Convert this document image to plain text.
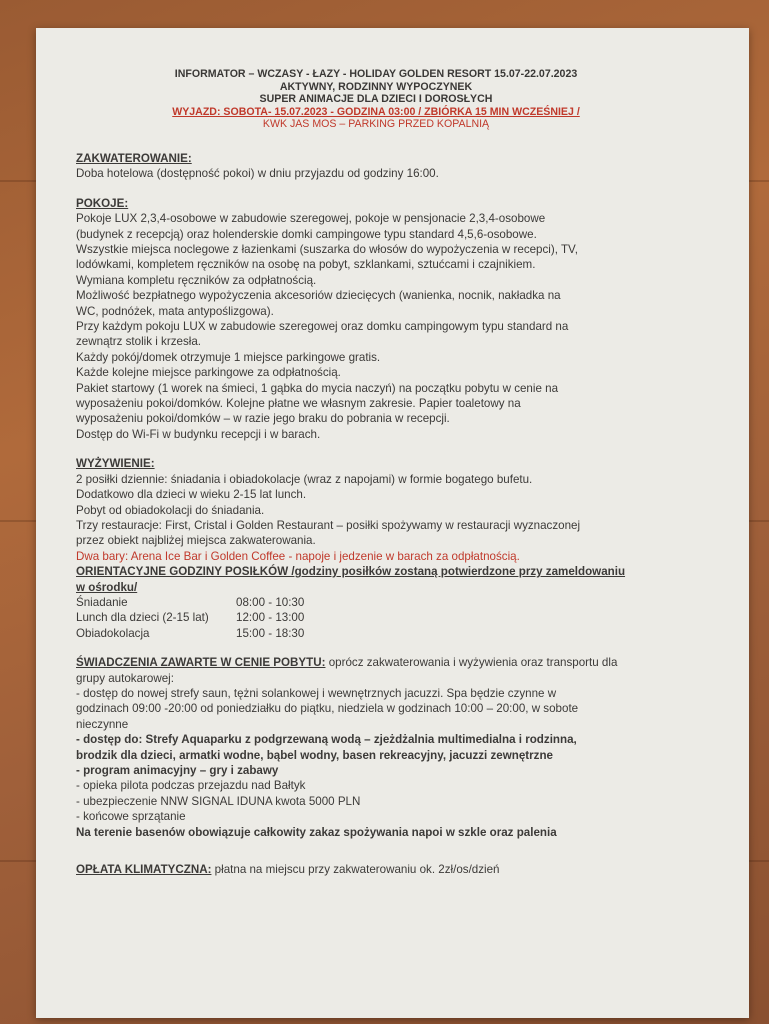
INFORMATOR – WCZASY - ŁAZY - HOLIDAY GOLDEN RESORT 15.07-22.07.2023
AKTYWNY, RODZINNY WYPOCZYNEK
SUPER ANIMACJE DLA DZIECI I DOROSŁYCH
WYJAZD: SOBOTA- 15.07.2023 - GODZINA 03:00 / ZBIÓRKA 15 MIN WCZEŚNIEJ /
KWK JAS MOS – PARKING PRZED KOPALNIĄ
ZAKWATEROWANIE:
Doba hotelowa (dostępność pokoi) w dniu przyjazdu od godziny 16:00.
POKOJE:
Pokoje LUX 2,3,4-osobowe w zabudowie szeregowej, pokoje w pensjonacie 2,3,4-osobowe
(budynek z recepcją) oraz holenderskie domki campingowe typu standard 4,5,6-osobowe.
Wszystkie miejsca noclegowe z łazienkami (suszarka do włosów do wypożyczenia w recepci), TV,
lodówkami, kompletem ręczników na osobę na pobyt, szklankami, sztućcami i czajnikiem.
Wymiana kompletu ręczników za odpłatnością.
Możliwość bezpłatnego wypożyczenia akcesoriów dziecięcych (wanienka, nocnik, nakładka na
WC, podnóżek, mata antypoślizgowa).
Przy każdym pokoju LUX w zabudowie szeregowej oraz domku campingowym typu standard na
zewnątrz stolik i krzesła.
Każdy pokój/domek otrzymuje 1 miejsce parkingowe gratis.
Każde kolejne miejsce parkingowe za odpłatnością.
Pakiet startowy (1 worek na śmieci, 1 gąbka do mycia naczyń) na początku pobytu w cenie na
wyposażeniu pokoi/domków. Kolejne płatne we własnym zakresie. Papier toaletowy na
wyposażeniu pokoi/domków – w razie jego braku do pobrania w recepcji.
Dostęp do Wi-Fi w budynku recepcji i w barach.
WYŻYWIENIE:
2 posiłki dziennie: śniadania i obiadokolacje (wraz z napojami) w formie bogatego bufetu.
Dodatkowo dla dzieci w wieku 2-15 lat lunch.
Pobyt od obiadokolacji do śniadania.
Trzy restauracje: First, Cristal i Golden Restaurant – posiłki spożywamy w restauracji wyznaczonej
przez obiekt najbliżej miejsca zakwaterowania.
Dwa bary: Arena Ice Bar i Golden Coffee - napoje i jedzenie w barach za odpłatnością.
ORIENTACYJNE GODZINY POSIŁKÓW /godziny posiłków zostaną potwierdzone przy zameldowaniu
w ośrodku/
Śniadanie	08:00 - 10:30
Lunch dla dzieci (2-15 lat)	12:00 - 13:00
Obiadokolacja	15:00 - 18:30
ŚWIADCZENIA ZAWARTE W CENIE POBYTU: oprócz zakwaterowania i wyżywienia oraz transportu dla
grupy autokarowej:
- dostęp do nowej strefy saun, tężni solankowej i wewnętrznych jacuzzi. Spa będzie czynne w
godzinach 09:00 -20:00 od poniedziałku do piątku, niedziela w godzinach 10:00 – 20:00, w sobote
nieczynne
- dostęp do: Strefy Aquaparku z podgrzewaną wodą – zjeżdżalnia multimedialna i rodzinna,
brodzik dla dzieci, armatki wodne, bąbel wodny, basen rekreacyjny, jacuzzi zewnętrzne
- program animacyjny – gry i zabawy
- opieka pilota podczas przejazdu nad Bałtyk
- ubezpieczenie NNW SIGNAL IDUNA kwota 5000 PLN
- końcowe sprzątanie
Na terenie basenów obowiązuje całkowity zakaz spożywania napoi w szkle oraz palenia
OPŁATA KLIMATYCZNA: płatna na miejscu przy zakwaterowaniu ok. 2zł/os/dzień
